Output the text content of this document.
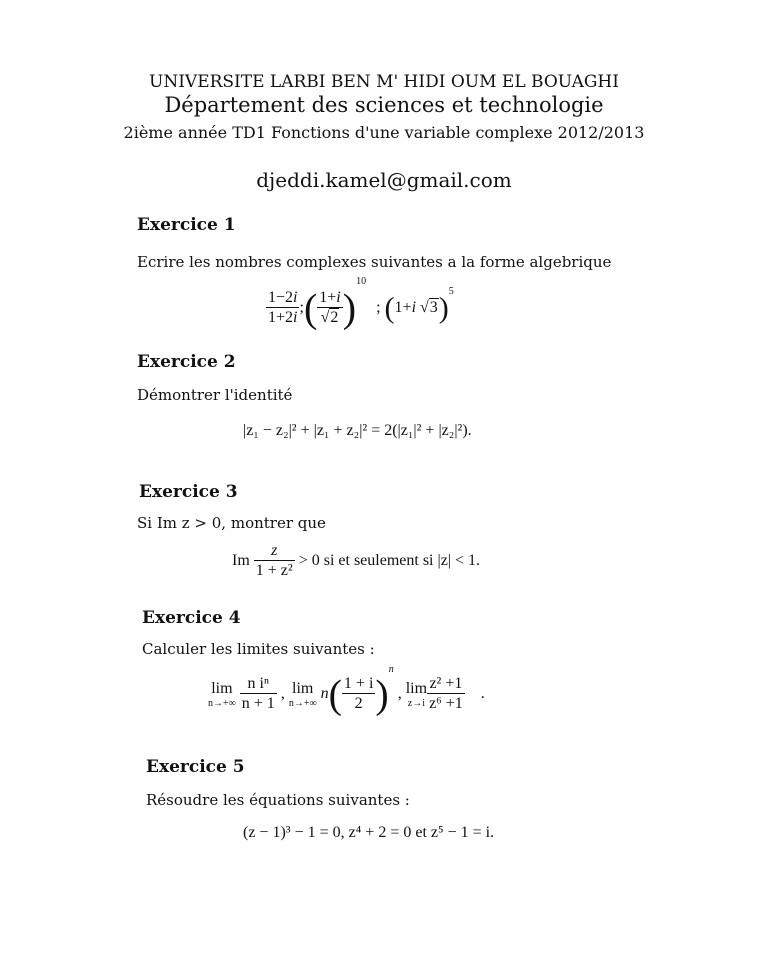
UNIVERSITE LARBI BEN M' HIDI OUM EL BOUAGHI
Département des sciences et technologie
2ième année TD1 Fonctions d'une variable complexe 2012/2013
djeddi.kamel@gmail.com
Exercice 1
Ecrire les nombres complexes suivantes a la forme algebrique
$\frac{1-2i}{1+2i}$ ;( $\frac{1+i}{√2} )^{10}$ ; (1+i √3)$^5$
Exercice 2
Démontrer l'identité
|z₁ − z₂|² + |z₁ + z₂|² = 2(|z₁|² + |z₂|²).
Exercice 3
Si Im z > 0, montrer que
Im $\frac{z}{\text{1 + z²}} > 0$ si et seulement si |z| < 1.
Exercice 4
Calculer les limites suivantes :
lim
n→+∞
$\frac{\text{n iⁿ}}{n + 1}$ , lim
n→+∞
$n( \frac{1 + i}{2} )^n$ , lim
$z\to i \frac{\text{z² +1}}{\text{z⁶ +1}}$ .
Exercice 5
Résoudre les équations suivantes :
(z − 1)³ − 1 = 0, z⁴ + 2 = 0 et z⁵ − 1 = i.
